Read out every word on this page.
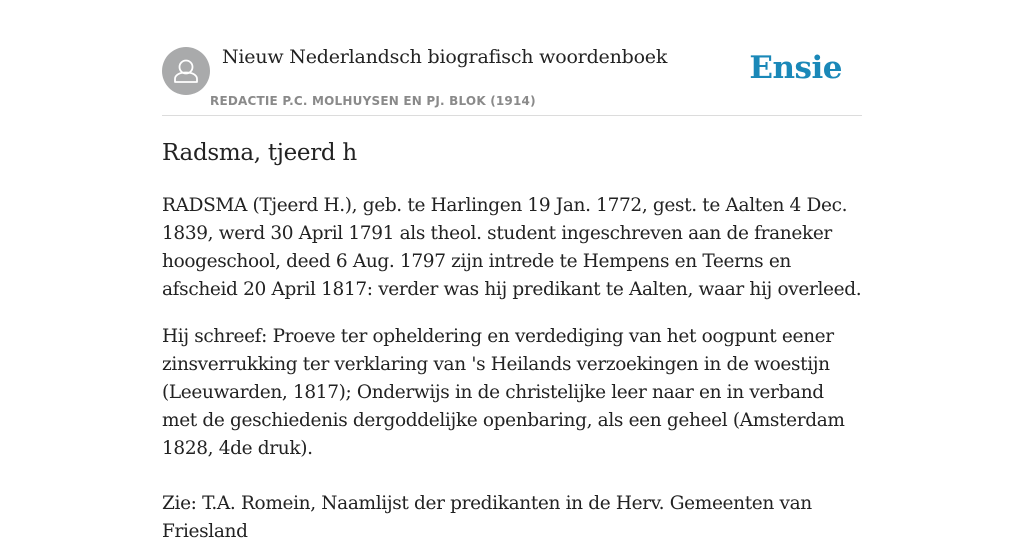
Nieuw Nederlandsch biografisch woordenboek
REDACTIE P.C. MOLHUYSEN EN PJ. BLOK (1914)
Ensie
Radsma, tjeerd h

RADSMA (Tjeerd H.), geb. te Harlingen 19 Jan. 1772, gest. te Aalten 4 Dec. 1839, werd 30 April 1791 als theol. student ingeschreven aan de franeker hoogeschool, deed 6 Aug. 1797 zijn intrede te Hempens en Teerns en afscheid 20 April 1817: verder was hij predikant te Aalten, waar hij overleed.

Hij schreef: Proeve ter opheldering en verdediging van het oogpunt eener zinsverrukking ter verklaring van 's Heilands verzoekingen in de woestijn (Leeuwarden, 1817); Onderwijs in de christelijke leer naar en in verband met de geschiedenis dergoddelijke openbaring, als een geheel (Amsterdam 1828, 4de druk).

Zie: T.A. Romein, Naamlijst der predikanten in de Herv. Gemeenten van Friesland
